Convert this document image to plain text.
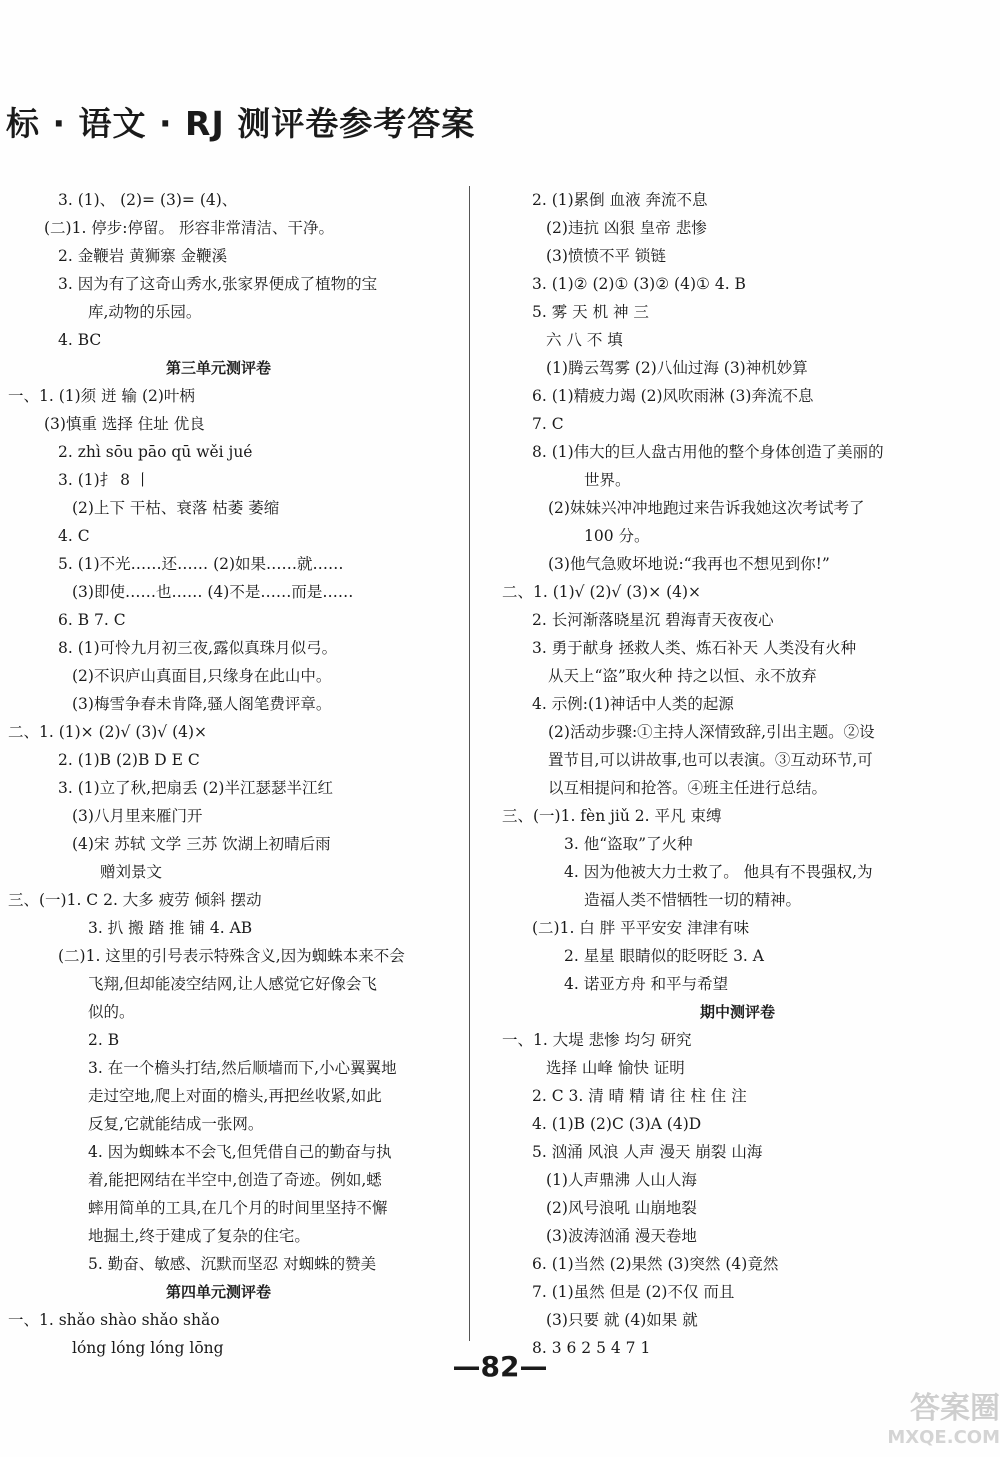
标 · 语文 · RJ 测评卷参考答案
3. (1)、 (2)= (3)= (4)、
(二)1. 停步:停留。 形容非常清洁、干净。
2. 金鞭岩 黄狮寨 金鞭溪
3. 因为有了这奇山秀水,张家界便成了植物的宝
库,动物的乐园。
4. BC
第三单元测评卷
一、1. (1)须 迸 输 (2)叶柄
(3)慎重 选择 住址 优良
2. zhì sōu pāo qū wěi jué
3. (1)扌 8 丨
(2)上下 干枯、衰落 枯萎 萎缩
4. C
5. (1)不光……还…… (2)如果……就……
(3)即使……也…… (4)不是……而是……
6. B 7. C
8. (1)可怜九月初三夜,露似真珠月似弓。
(2)不识庐山真面目,只缘身在此山中。
(3)梅雪争春未肯降,骚人阁笔费评章。
二、1. (1)× (2)√ (3)√ (4)×
2. (1)B (2)B D E C
3. (1)立了秋,把扇丢 (2)半江瑟瑟半江红
(3)八月里来雁门开
(4)宋 苏轼 文学 三苏 饮湖上初晴后雨
赠刘景文
三、(一)1. C 2. 大多 疲劳 倾斜 摆动
3. 扒 搬 踏 推 铺 4. AB
(二)1. 这里的引号表示特殊含义,因为蜘蛛本来不会
飞翔,但却能凌空结网,让人感觉它好像会飞
似的。
2. B
3. 在一个檐头打结,然后顺墙而下,小心翼翼地
走过空地,爬上对面的檐头,再把丝收紧,如此
反复,它就能结成一张网。
4. 因为蜘蛛本不会飞,但凭借自己的勤奋与执
着,能把网结在半空中,创造了奇迹。例如,蟋
蟀用简单的工具,在几个月的时间里坚持不懈
地掘土,终于建成了复杂的住宅。
5. 勤奋、敏感、沉默而坚忍 对蜘蛛的赞美
第四单元测评卷
一、1. shǎo shào shǎo shǎo
lóng lóng lóng lōng
2. (1)累倒 血液 奔流不息
(2)违抗 凶狠 皇帝 悲惨
(3)愤愤不平 锁链
3. (1)② (2)① (3)② (4)① 4. B
5. 雾 天 机 神 三
六 八 不 填
(1)腾云驾雾 (2)八仙过海 (3)神机妙算
6. (1)精疲力竭 (2)风吹雨淋 (3)奔流不息
7. C
8. (1)伟大的巨人盘古用他的整个身体创造了美丽的
世界。
(2)妹妹兴冲冲地跑过来告诉我她这次考试考了
100 分。
(3)他气急败坏地说:“我再也不想见到你!”
二、1. (1)√ (2)√ (3)× (4)×
2. 长河渐落晓星沉 碧海青天夜夜心
3. 勇于献身 拯救人类、炼石补天 人类没有火种
从天上“盗”取火种 持之以恒、永不放弃
4. 示例:(1)神话中人类的起源
(2)活动步骤:①主持人深情致辞,引出主题。②设
置节目,可以讲故事,也可以表演。③互动环节,可
以互相提问和抢答。④班主任进行总结。
三、(一)1. fèn jiǔ 2. 平凡 束缚
3. 他“盗取”了火种
4. 因为他被大力士救了。 他具有不畏强权,为
造福人类不惜牺牲一切的精神。
(二)1. 白 胖 平平安安 津津有味
2. 星星 眼睛似的眨呀眨 3. A
4. 诺亚方舟 和平与希望
期中测评卷
一、1. 大堤 悲惨 均匀 研究
选择 山峰 愉快 证明
2. C 3. 清 晴 精 请 往 柱 住 注
4. (1)B (2)C (3)A (4)D
5. 汹涌 风浪 人声 漫天 崩裂 山海
(1)人声鼎沸 人山人海
(2)风号浪吼 山崩地裂
(3)波涛汹涌 漫天卷地
6. (1)当然 (2)果然 (3)突然 (4)竟然
7. (1)虽然 但是 (2)不仅 而且
(3)只要 就 (4)如果 就
8. 3 6 2 5 4 7 1
—82—
答案圈
MXQE.COM
